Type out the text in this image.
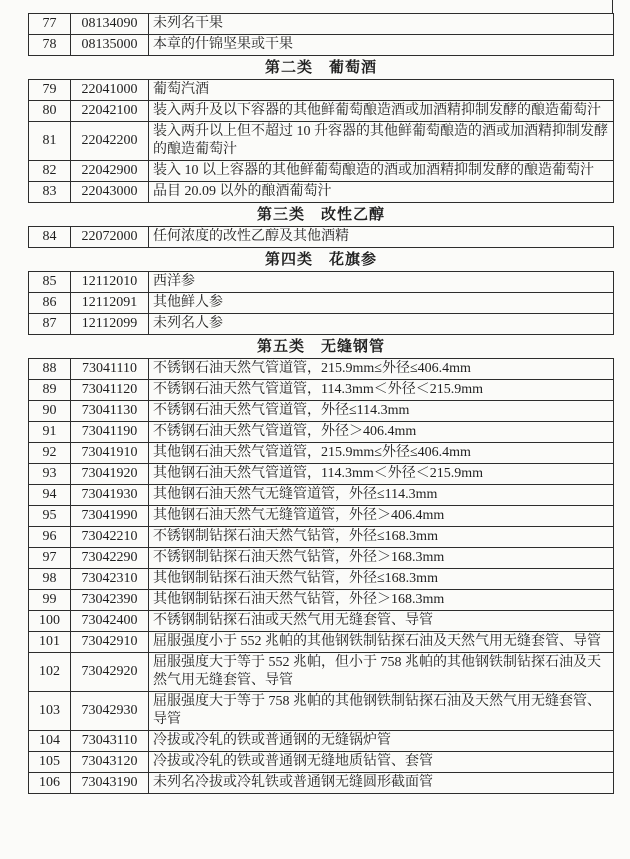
77	08134090	未列名干果
78	08135000	本章的什锦坚果或干果
第二类　葡萄酒		
79	22041000	葡萄汽酒
80	22042100	装入两升及以下容器的其他鲜葡萄酿造酒或加酒精抑制发酵的酿造葡萄汁
81	22042200	装入两升以上但不超过 10 升容器的其他鲜葡萄酿造的酒或加酒精抑制发酵的酿造葡萄汁
82	22042900	装入 10 以上容器的其他鲜葡萄酿造的酒或加酒精抑制发酵的酿造葡萄汁
83	22043000	品目 20.09 以外的酿酒葡萄汁
第三类　改性乙醇		
84	22072000	任何浓度的改性乙醇及其他酒精
第四类　花旗参		
85	12112010	西洋参
86	12112091	其他鲜人参
87	12112099	未列名人参
第五类　无缝钢管		
88	73041110	不锈钢石油天然气管道管，215.9mm≤外径≤406.4mm
89	73041120	不锈钢石油天然气管道管，114.3mm＜外径＜215.9mm
90	73041130	不锈钢石油天然气管道管，外径≤114.3mm
91	73041190	不锈钢石油天然气管道管，外径＞406.4mm
92	73041910	其他钢石油天然气管道管，215.9mm≤外径≤406.4mm
93	73041920	其他钢石油天然气管道管，114.3mm＜外径＜215.9mm
94	73041930	其他钢石油天然气无缝管道管，外径≤114.3mm
95	73041990	其他钢石油天然气无缝管道管，外径＞406.4mm
96	73042210	不锈钢制钻探石油天然气钻管，外径≤168.3mm
97	73042290	不锈钢制钻探石油天然气钻管，外径＞168.3mm
98	73042310	其他钢制钻探石油天然气钻管，外径≤168.3mm
99	73042390	其他钢制钻探石油天然气钻管，外径＞168.3mm
100	73042400	不锈钢制钻探石油或天然气用无缝套管、导管
101	73042910	屈服强度小于 552 兆帕的其他钢铁制钻探石油及天然气用无缝套管、导管
102	73042920	屈服强度大于等于 552 兆帕，但小于 758 兆帕的其他钢铁制钻探石油及天然气用无缝套管、导管
103	73042930	屈服强度大于等于 758 兆帕的其他钢铁制钻探石油及天然气用无缝套管、导管
104	73043110	冷拔或冷轧的铁或普通钢的无缝锅炉管
105	73043120	冷拔或冷轧的铁或普通钢无缝地质钻管、套管
106	73043190	未列名冷拔或冷轧铁或普通钢无缝圆形截面管
